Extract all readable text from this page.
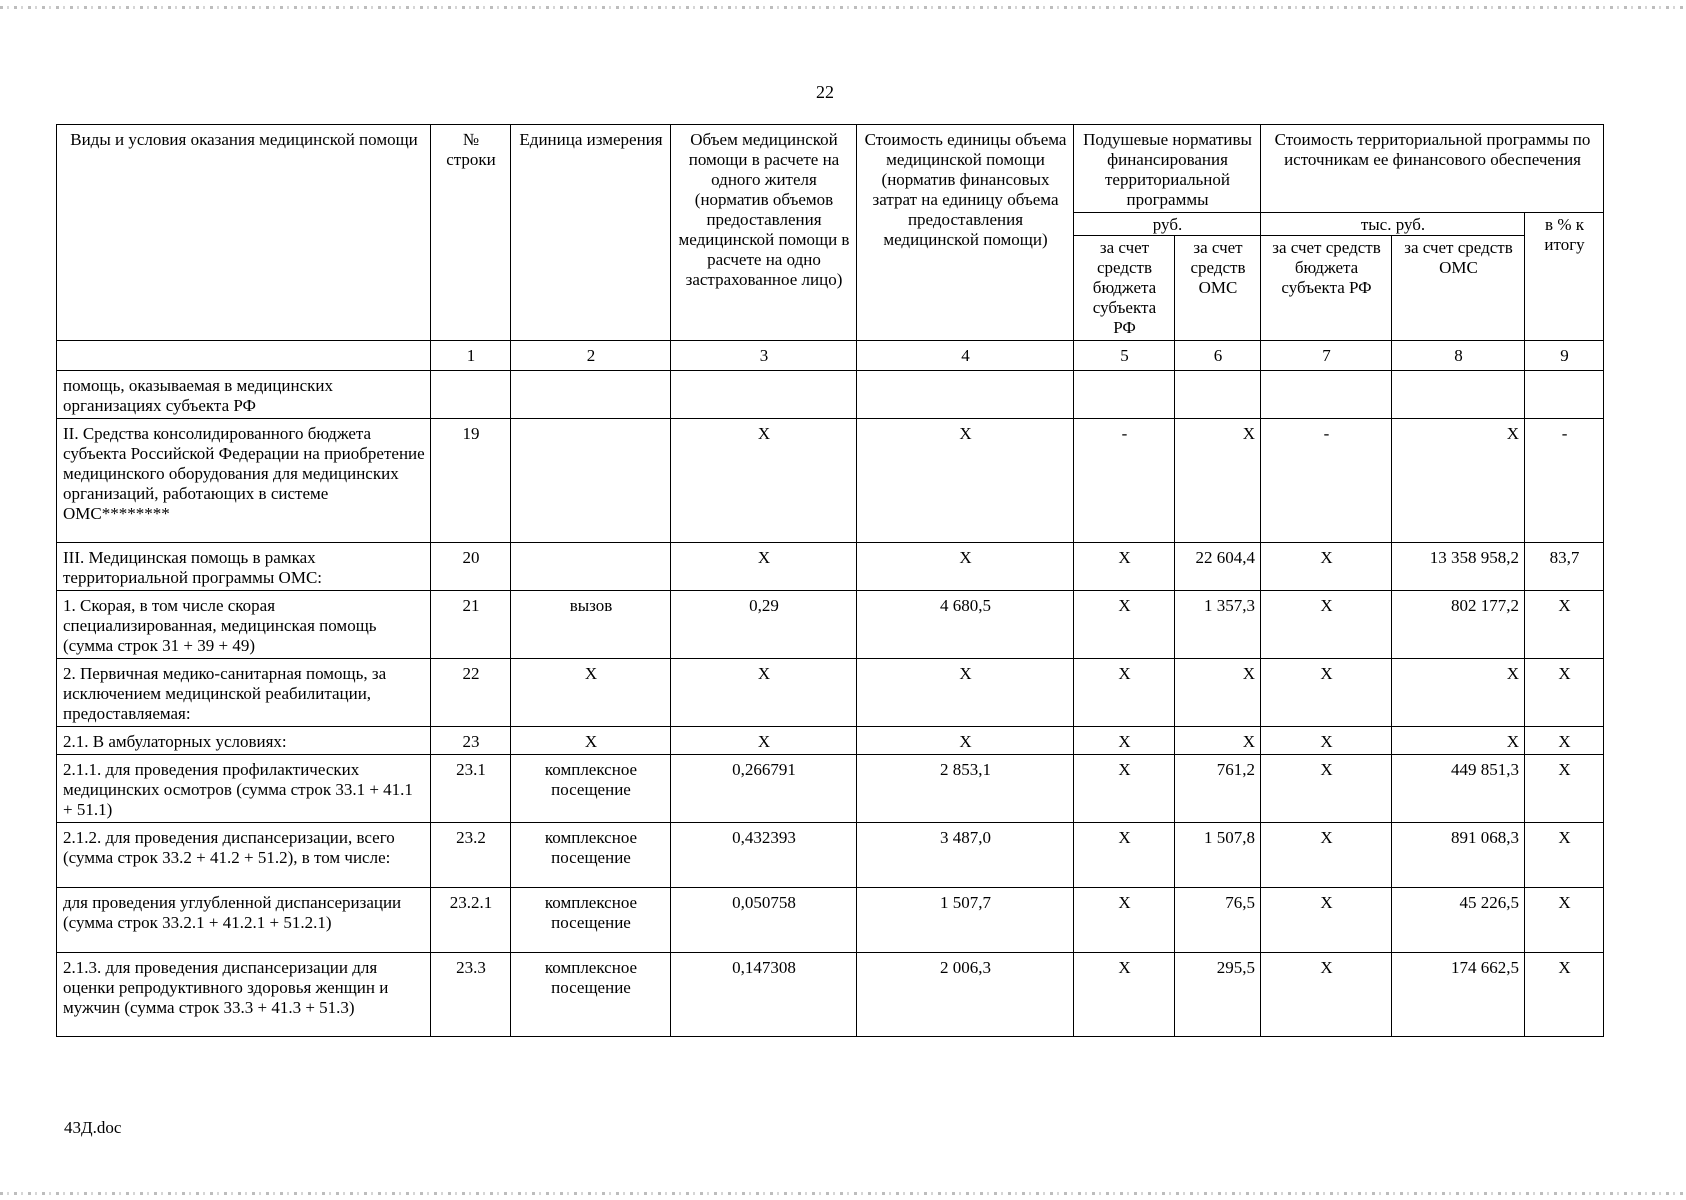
22
Виды и условия оказания медицинской помощи	№ строки	Единица измерения	Объем медицинской помощи в расчете на одного жителя (норматив объемов предоставления медицинской помощи в расчете на одно застрахованное лицо)	Стоимость единицы объема медицинской помощи (норматив финансовых затрат на единицу объема предоставления медицинской помощи)	Подушевые нормативы финансирования территориальной программы		Стоимость территориальной программы по источникам ее финансового обеспечения		
					руб.		тыс. руб.		в % к итогу
					за счет средств бюджета субъекта РФ	за счет средств ОМС	за счет средств бюджета субъекта РФ	за счет средств ОМС	
	1	2	3	4	5	6	7	8	9
помощь, оказываемая в медицинских организациях субъекта РФ									
II. Средства консолидированного бюджета субъекта Российской Федерации на приобретение медицинского оборудования для медицинских организаций, работающих в системе ОМС********	19		X	X	-	X	-	X	-
III. Медицинская помощь в рамках территориальной программы ОМС:	20		X	X	X	22 604,4	X	13 358 958,2	83,7
1. Скорая, в том числе скорая специализированная, медицинская помощь (сумма строк 31 + 39 + 49)	21	вызов	0,29	4 680,5	X	1 357,3	X	802 177,2	X
2. Первичная медико-санитарная помощь, за исключением медицинской реабилитации, предоставляемая:	22	X	X	X	X	X	X	X	X
2.1. В амбулаторных условиях:	23	X	X	X	X	X	X	X	X
2.1.1. для проведения профилактических медицинских осмотров (сумма строк 33.1 + 41.1 + 51.1)	23.1	комплексное посещение	0,266791	2 853,1	X	761,2	X	449 851,3	X
2.1.2. для проведения диспансеризации, всего (сумма строк 33.2 + 41.2 + 51.2), в том числе:	23.2	комплексное посещение	0,432393	3 487,0	X	1 507,8	X	891 068,3	X
для проведения углубленной диспансеризации (сумма строк 33.2.1 + 41.2.1 + 51.2.1)	23.2.1	комплексное посещение	0,050758	1 507,7	X	76,5	X	45 226,5	X
2.1.3. для проведения диспансеризации для оценки репродуктивного здоровья женщин и мужчин (сумма строк 33.3 + 41.3 + 51.3)	23.3	комплексное посещение	0,147308	2 006,3	X	295,5	X	174 662,5	X
43Д.doc
